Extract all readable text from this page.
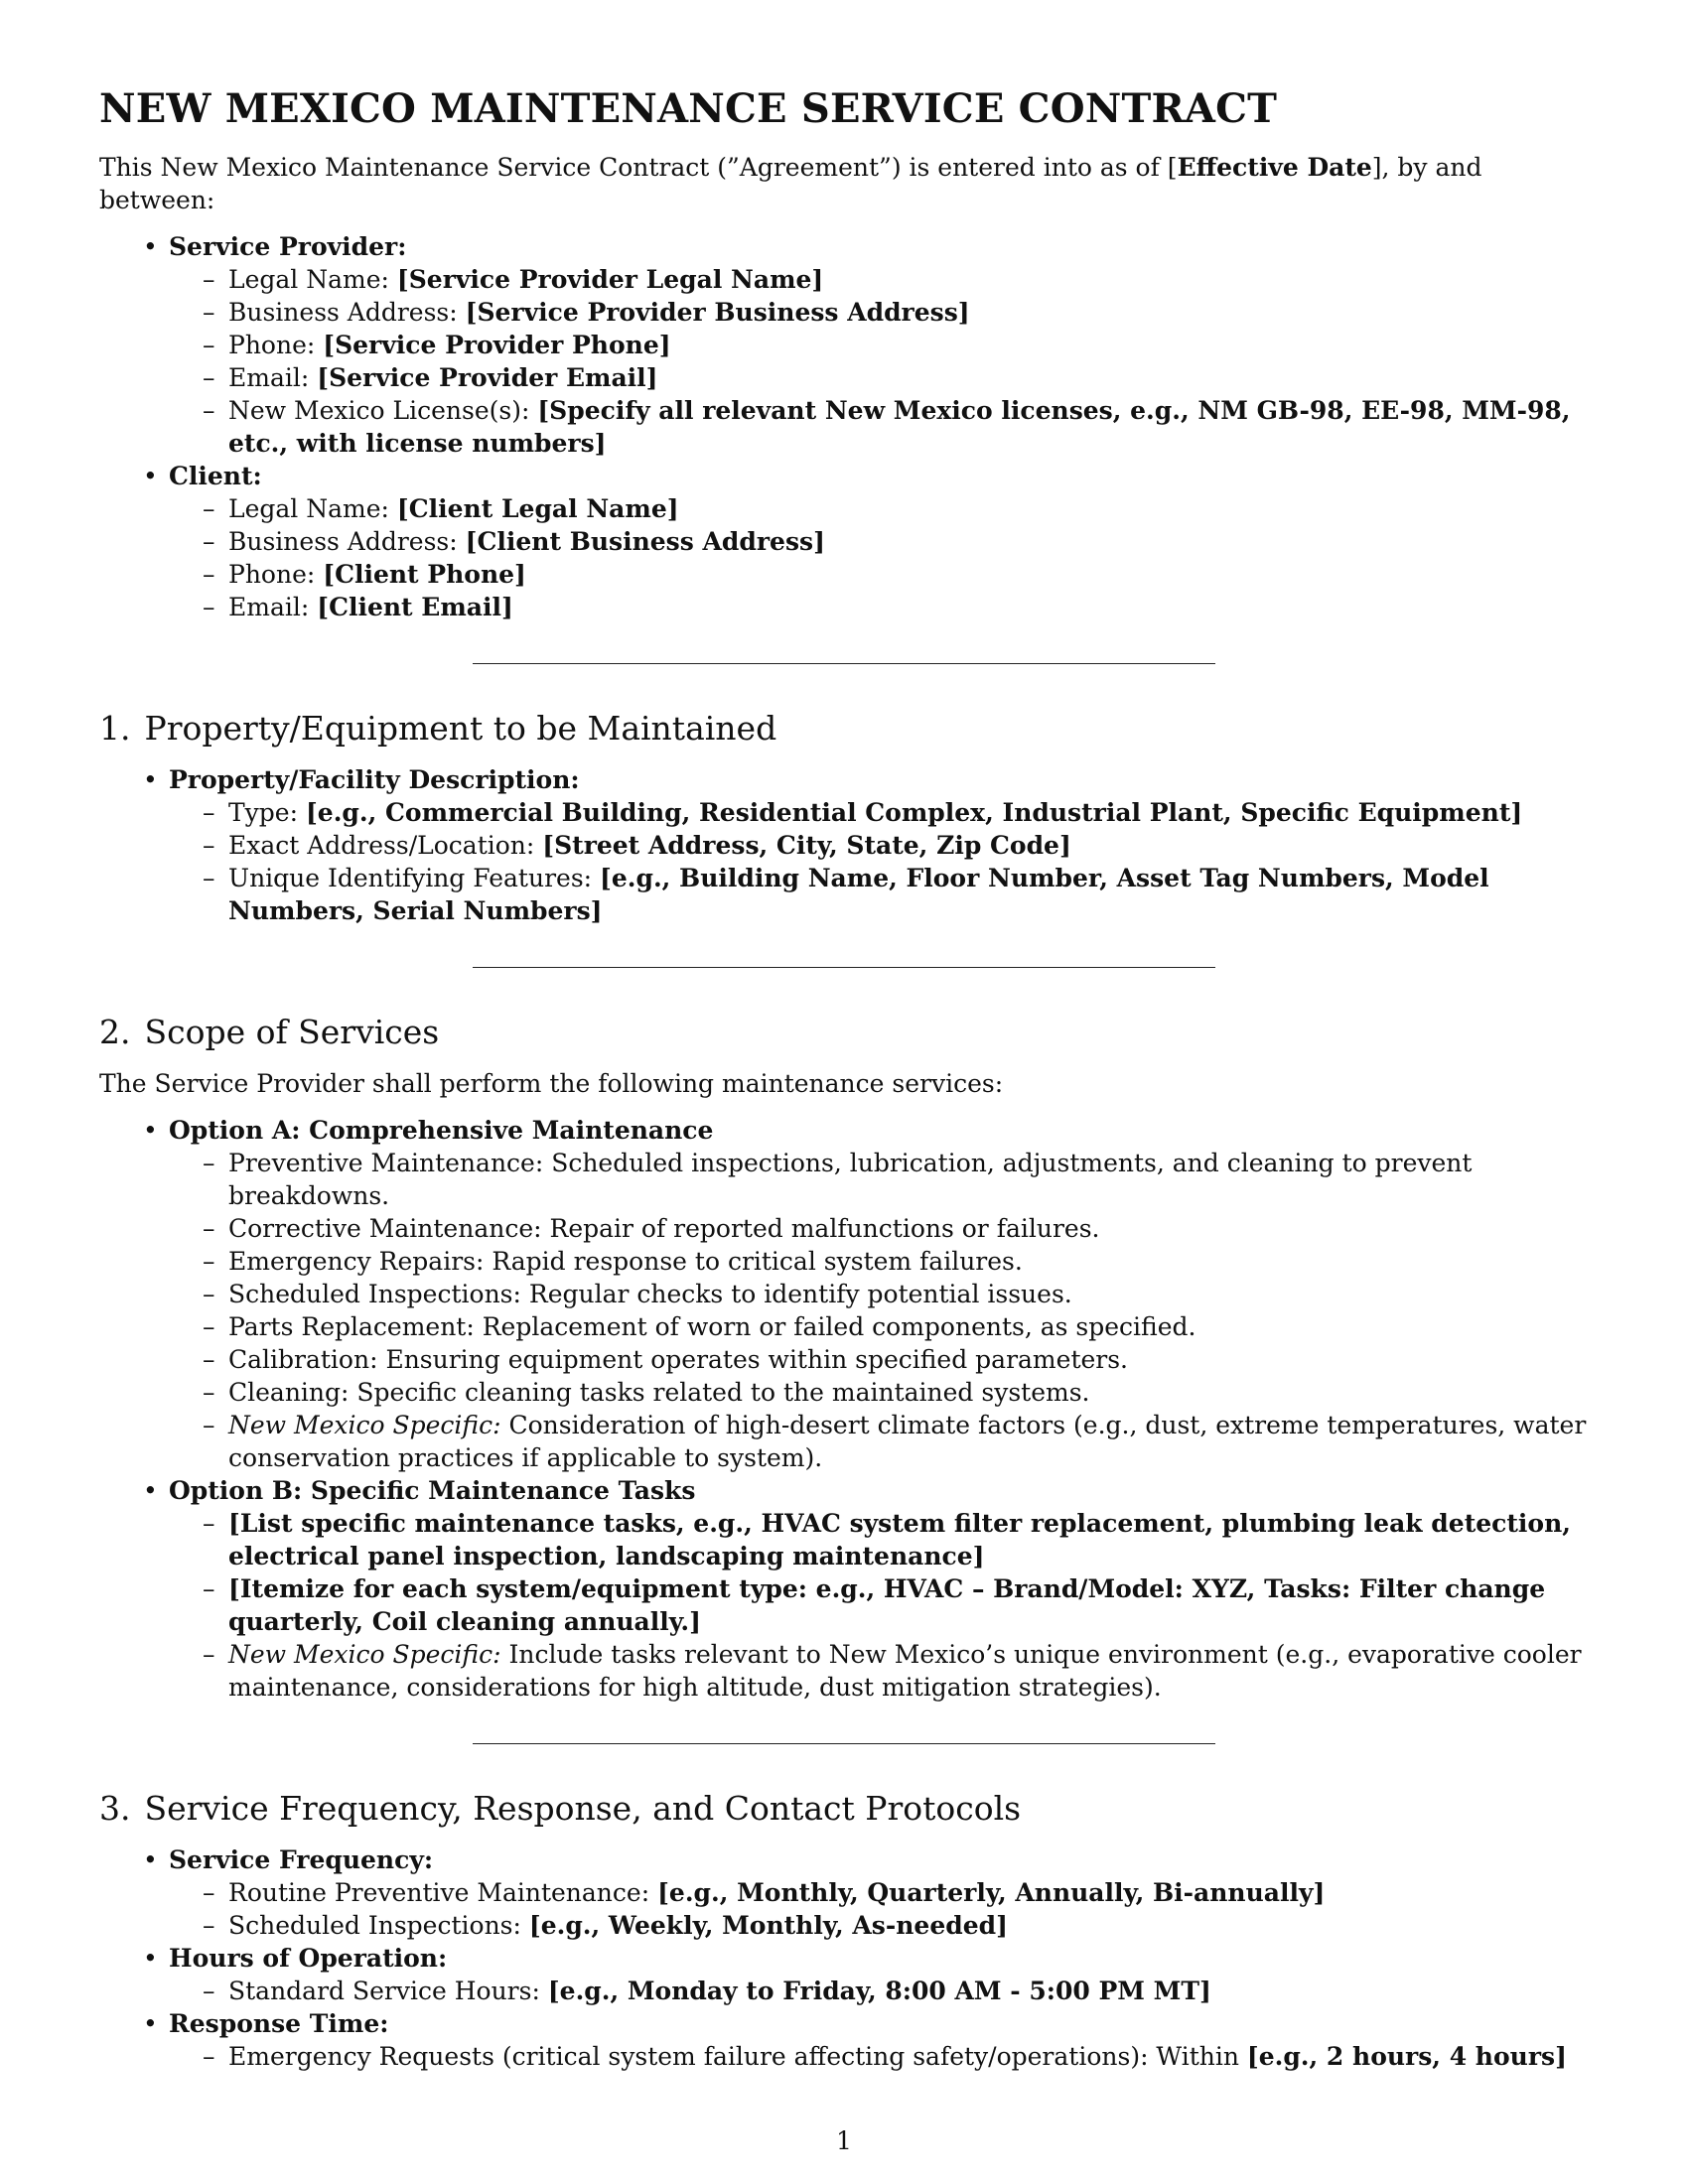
NEW MEXICO MAINTENANCE SERVICE CONTRACT

This New Mexico Maintenance Service Contract (”Agreement”) is entered into as of [Effective Date], by and between:

• Service Provider:
– Legal Name: [Service Provider Legal Name]
– Business Address: [Service Provider Business Address]
– Phone: [Service Provider Phone]
– Email: [Service Provider Email]
– New Mexico License(s): [Specify all relevant New Mexico licenses, e.g., NM GB-98, EE-98, MM-98, etc., with license numbers]
• Client:
– Legal Name: [Client Legal Name]
– Business Address: [Client Business Address]
– Phone: [Client Phone]
– Email: [Client Email]
1. Property/Equipment to be Maintained
• Property/Facility Description:
– Type: [e.g., Commercial Building, Residential Complex, Industrial Plant, Specific Equipment]
– Exact Address/Location: [Street Address, City, State, Zip Code]
– Unique Identifying Features: [e.g., Building Name, Floor Number, Asset Tag Numbers, Model Numbers, Serial Numbers]
2. Scope of Services

The Service Provider shall perform the following maintenance services:

• Option A: Comprehensive Maintenance
– Preventive Maintenance: Scheduled inspections, lubrication, adjustments, and cleaning to prevent breakdowns.
– Corrective Maintenance: Repair of reported malfunctions or failures.
– Emergency Repairs: Rapid response to critical system failures.
– Scheduled Inspections: Regular checks to identify potential issues.
– Parts Replacement: Replacement of worn or failed components, as specified.
– Calibration: Ensuring equipment operates within specified parameters.
– Cleaning: Specific cleaning tasks related to the maintained systems.
– New Mexico Specific: Consideration of high-desert climate factors (e.g., dust, extreme temperatures, water conservation practices if applicable to system).
• Option B: Specific Maintenance Tasks
– [List specific maintenance tasks, e.g., HVAC system filter replacement, plumbing leak detection, electrical panel inspection, landscaping maintenance]
– [Itemize for each system/equipment type: e.g., HVAC – Brand/Model: XYZ, Tasks: Filter change quarterly, Coil cleaning annually.]
– New Mexico Specific: Include tasks relevant to New Mexico’s unique environment (e.g., evaporative cooler maintenance, considerations for high altitude, dust mitigation strategies).
3. Service Frequency, Response, and Contact Protocols
• Service Frequency:
– Routine Preventive Maintenance: [e.g., Monthly, Quarterly, Annually, Bi-annually]
– Scheduled Inspections: [e.g., Weekly, Monthly, As-needed]
• Hours of Operation:
– Standard Service Hours: [e.g., Monday to Friday, 8:00 AM - 5:00 PM MT]
• Response Time:
– Emergency Requests (critical system failure affecting safety/operations): Within [e.g., 2 hours, 4 hours]
1
